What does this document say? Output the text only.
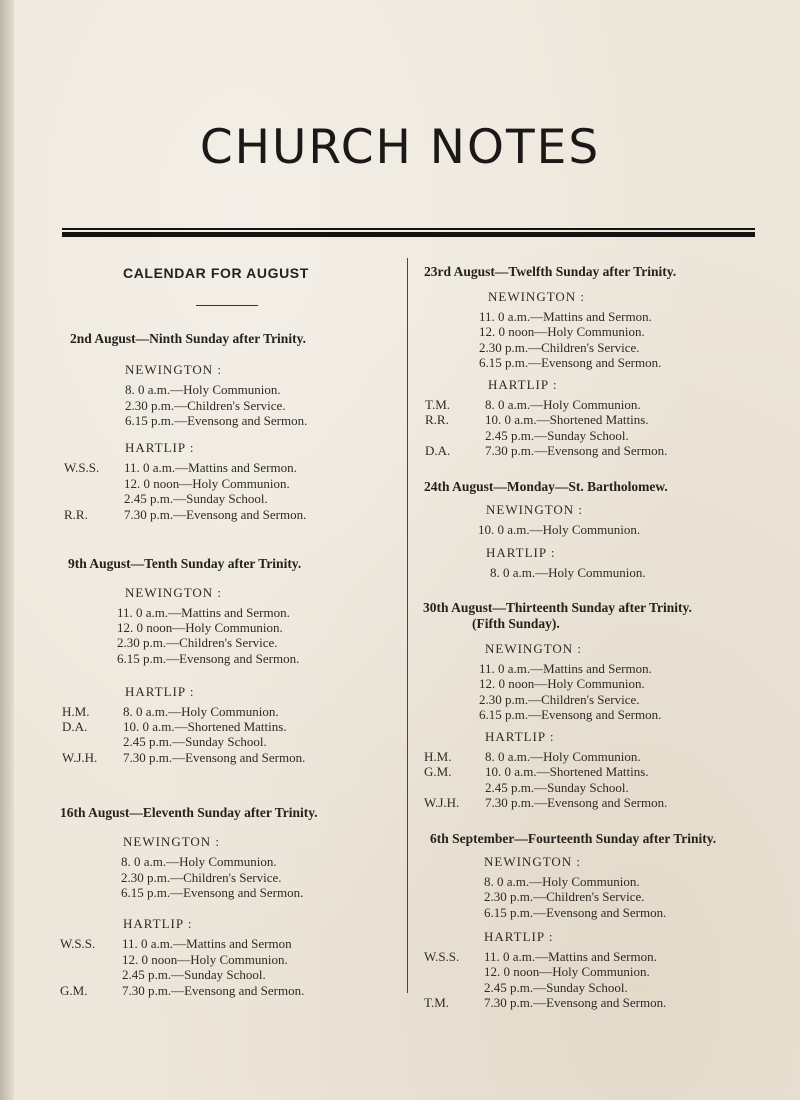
CHURCH NOTES
CALENDAR FOR AUGUST
2nd August—Ninth Sunday after Trinity.
NEWINGTON :
8. 0 a.m.—Holy Communion.
2.30 p.m.—Children's Service.
6.15 p.m.—Evensong and Sermon.
HARTLIP :
W.S.S. 11. 0 a.m.—Mattins and Sermon.
12. 0 noon—Holy Communion.
2.45 p.m.—Sunday School.
R.R.	7.30 p.m.—Evensong and Sermon.
9th August—Tenth Sunday after Trinity.
NEWINGTON :
11. 0 a.m.—Mattins and Sermon.
12. 0 noon—Holy Communion.
2.30 p.m.—Children's Service.
6.15 p.m.—Evensong and Sermon.
HARTLIP :
H.M.	8. 0 a.m.—Holy Communion.
D.A.	10. 0 a.m.—Shortened Mattins.
2.45 p.m.—Sunday School.
W.J.H. 7.30 p.m.—Evensong and Sermon.
16th August—Eleventh Sunday after Trinity.
NEWINGTON :
8. 0 a.m.—Holy Communion.
2.30 p.m.—Children's Service.
6.15 p.m.—Evensong and Sermon.
HARTLIP :
W.S.S. 11. 0 a.m.—Mattins and Sermon
12. 0 noon—Holy Communion.
2.45 p.m.—Sunday School.
G.M.	7.30 p.m.—Evensong and Sermon.
23rd August—Twelfth Sunday after Trinity.
NEWINGTON :
11. 0 a.m.—Mattins and Sermon.
12. 0 noon—Holy Communion.
2.30 p.m.—Children's Service.
6.15 p.m.—Evensong and Sermon.
HARTLIP :
T.M.	8. 0 a.m.—Holy Communion.
R.R.	10. 0 a.m.—Shortened Mattins.
2.45 p.m.—Sunday School.
D.A.	7.30 p.m.—Evensong and Sermon.
24th August—Monday—St. Bartholomew.
NEWINGTON :
10. 0 a.m.—Holy Communion.
HARTLIP :
8. 0 a.m.—Holy Communion.
30th August—Thirteenth Sunday after Trinity.
(Fifth Sunday).
NEWINGTON :
11. 0 a.m.—Mattins and Sermon.
12. 0 noon—Holy Communion.
2.30 p.m.—Children's Service.
6.15 p.m.—Evensong and Sermon.
HARTLIP :
H.M.	8. 0 a.m.—Holy Communion.
G.M.	10. 0 a.m.—Shortened Mattins.
2.45 p.m.—Sunday School.
W.J.H. 7.30 p.m.—Evensong and Sermon.
6th September—Fourteenth Sunday after Trinity.
NEWINGTON :
8. 0 a.m.—Holy Communion.
2.30 p.m.—Children's Service.
6.15 p.m.—Evensong and Sermon.
HARTLIP :
W.S.S. 11. 0 a.m.—Mattins and Sermon.
12. 0 noon—Holy Communion.
2.45 p.m.—Sunday School.
T.M.	7.30 p.m.—Evensong and Sermon.
